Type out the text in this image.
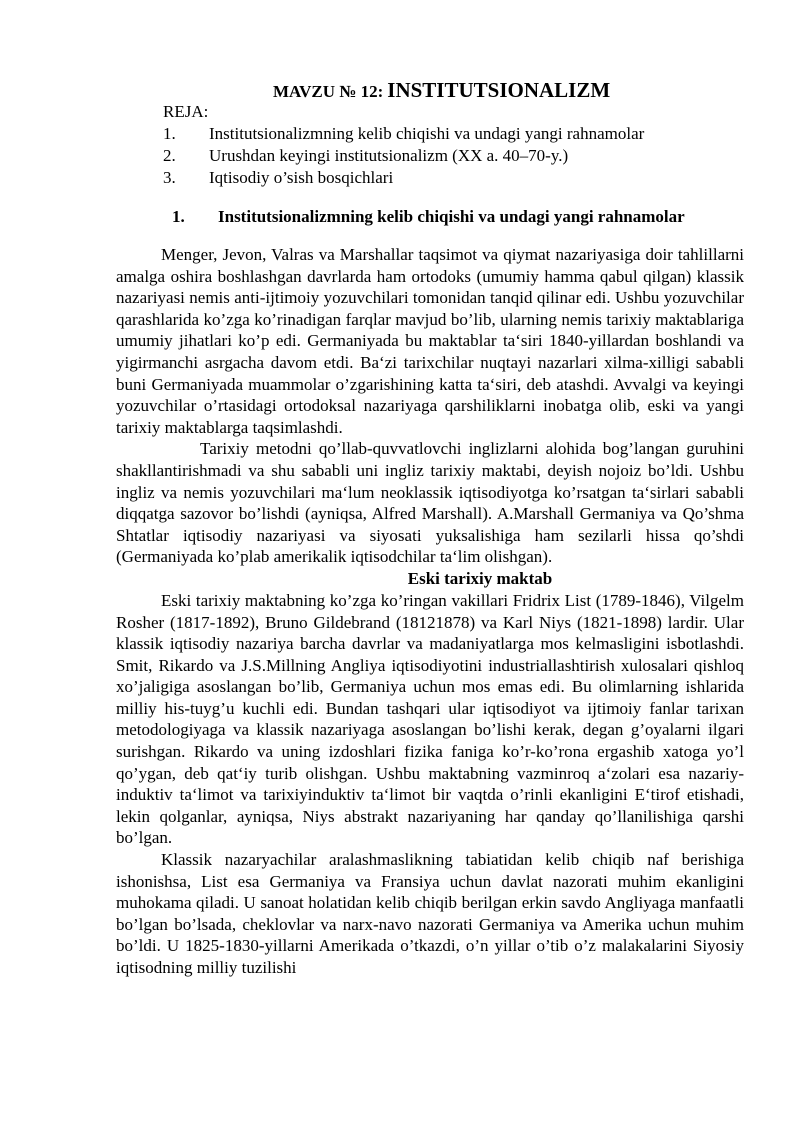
MAVZU № 12: INSTITUTSIONALIZM

REJA:

1.	Institutsionalizmning kelib chiqishi va undagi yangi rahnamolar
2.	Urushdan keyingi institutsionalizm (XX a. 40–70-y.)
3.	Iqtisodiy o’sish bosqichlari
1.	Institutsionalizmning kelib chiqishi va undagi yangi rahnamolar

Menger, Jevon, Valras va Marshallar taqsimot va qiymat nazariyasiga doir tahlillarni amalga oshira boshlashgan davrlarda ham ortodoks (umumiy hamma qabul qilgan) klassik nazariyasi nemis anti-ijtimoiy yozuvchilari tomonidan tanqid qilinar edi. Ushbu yozuvchilar qarashlarida ko’zga ko’rinadigan farqlar mavjud bo’lib, ularning nemis tarixiy maktablariga umumiy jihatlari ko’p edi. Germaniyada bu maktablar ta‘siri 1840-yillardan boshlandi va yigirmanchi asrgacha davom etdi. Ba‘zi tarixchilar nuqtayi nazarlari xilma-xilligi sababli buni Germaniyada muammolar o’zgarishining katta ta‘siri, deb atashdi. Avvalgi va keyingi yozuvchilar o’rtasidagi ortodoksal nazariyaga qarshiliklarni inobatga olib, eski va yangi tarixiy maktablarga taqsimlashdi.

Tarixiy metodni qo’llab-quvvatlovchi inglizlarni alohida bog’langan guruhini shakllantirishmadi va shu sababli uni ingliz tarixiy maktabi, deyish nojoiz bo’ldi. Ushbu ingliz va nemis yozuvchilari ma‘lum neoklassik iqtisodiyotga ko’rsatgan ta‘sirlari sababli diqqatga sazovor bo’lishdi (ayniqsa, Alfred Marshall). A.Marshall Germaniya va Qo’shma Shtatlar iqtisodiy nazariyasi va siyosati yuksalishiga ham sezilarli hissa qo’shdi (Germaniyada ko’plab amerikalik iqtisodchilar ta‘lim olishgan).

Eski tarixiy maktab

Eski tarixiy maktabning ko’zga ko’ringan vakillari Fridrix List (1789-1846), Vilgelm Rosher (1817-1892), Bruno Gildebrand (18121878) va Karl Niys (1821-1898) lardir. Ular klassik iqtisodiy nazariya barcha davrlar va madaniyatlarga mos kelmasligini isbotlashdi. Smit, Rikardo va J.S.Millning Angliya iqtisodiyotini industriallashtirish xulosalari qishloq xo’jaligiga asoslangan bo’lib, Germaniya uchun mos emas edi. Bu olimlarning ishlarida milliy his-tuyg’u kuchli edi. Bundan tashqari ular iqtisodiyot va ijtimoiy fanlar tarixan metodologiyaga va klassik nazariyaga asoslangan bo’lishi kerak, degan g’oyalarni ilgari surishgan. Rikardo va uning izdoshlari fizika faniga ko’r-ko’rona ergashib xatoga yo’l qo’ygan, deb qat‘iy turib olishgan. Ushbu maktabning vazminroq a‘zolari esa nazariy-induktiv ta‘limot va tarixiyinduktiv ta‘limot bir vaqtda o’rinli ekanligini E‘tirof etishadi, lekin qolganlar, ayniqsa, Niys abstrakt nazariyaning har qanday qo’llanilishiga qarshi bo’lgan.

Klassik nazaryachilar aralashmaslikning tabiatidan kelib chiqib naf berishiga ishonishsa, List esa Germaniya va Fransiya uchun davlat nazorati muhim ekanligini muhokama qiladi. U sanoat holatidan kelib chiqib berilgan erkin savdo Angliyaga manfaatli bo’lgan bo’lsada, cheklovlar va narx-navo nazorati Germaniya va Amerika uchun muhim bo’ldi. U 1825-1830-yillarni Amerikada o’tkazdi, o’n yillar o’tib o’z malakalarini Siyosiy iqtisodning milliy tuzilishi
